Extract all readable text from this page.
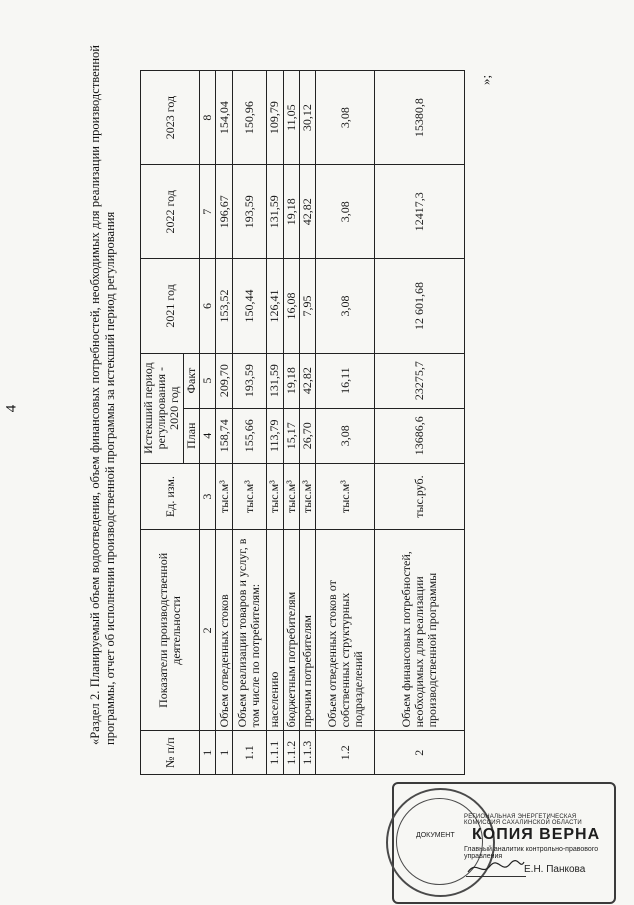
4	«Раздел 2. Планируемый объем водоотведения, объем финансовых потребностей, необходимых для реализации производственной программы, отчет об исполнении производственной программы за истекший период регулирования
№ п/п	Показатели производственной деятельности	Ед. изм.	Истекший период регулирования - 2020 год		2021 год	2022 год	2023 год
			План	Факт			
1	2	3	4	5	6	7	8
1	Объем отведенных стоков	тыс.м³	158,74	209,70	153,52	196,67	154,04
1.1	Объем реализации товаров и услуг, в том числе по потребителям:	тыс.м³	155,66	193,59	150,44	193,59	150,96
1.1.1	населению	тыс.м³	113,79	131,59	126,41	131,59	109,79
1.1.2	бюджетным потребителям	тыс.м³	15,17	19,18	16,08	19,18	11,05
1.1.3	прочим потребителям	тыс.м³	26,70	42,82	7,95	42,82	30,12
1.2	Объем отведенных стоков от собственных структурных подразделений	тыс.м³	3,08	16,11	3,08	3,08	3,08
2	Объем финансовых потребностей, необходимых для реализации производственной программы	тыс.руб.	13686,6	23275,7	12 601,68	12417,3	15380,8
»;
ДОКУМЕНТ
РЕГИОНАЛЬНАЯ ЭНЕРГЕТИЧЕСКАЯ КОМИССИЯ САХАЛИНСКОЙ ОБЛАСТИ
КОПИЯ ВЕРНА
Главный аналитик контрольно-правового управления
Е.Н. Панкова
